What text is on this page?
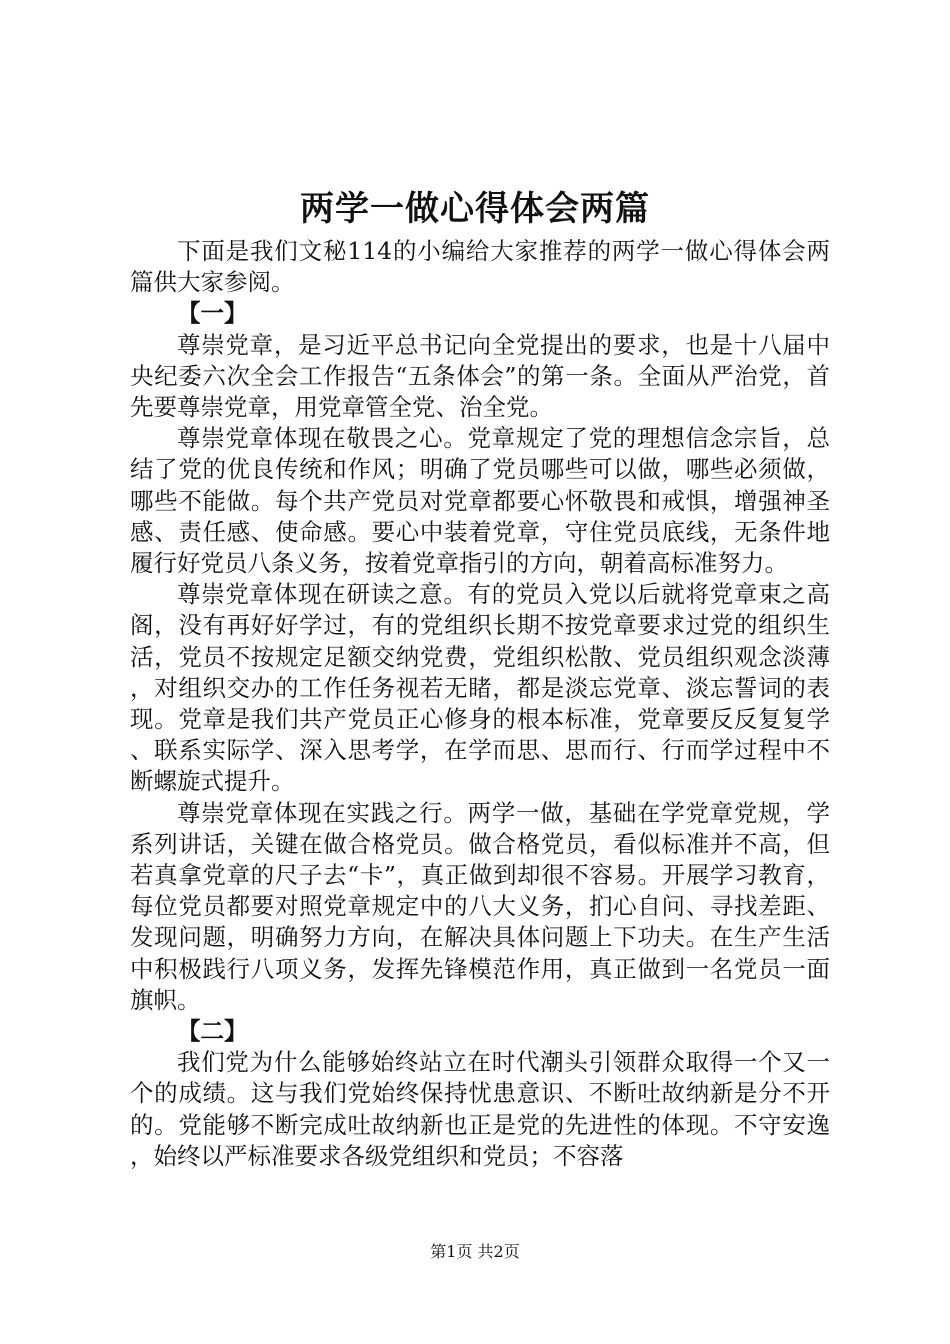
两学一做心得体会两篇

下面是我们文秘114的小编给大家推荐的两学一做心得体会两篇供大家参阅。

【一】

尊崇党章，是习近平总书记向全党提出的要求，也是十八届中央纪委六次全会工作报告“五条体会”的第一条。全面从严治党，首先要尊崇党章，用党章管全党、治全党。

尊崇党章体现在敬畏之心。党章规定了党的理想信念宗旨，总结了党的优良传统和作风；明确了党员哪些可以做，哪些必须做，哪些不能做。每个共产党员对党章都要心怀敬畏和戒惧，增强神圣感、责任感、使命感。要心中装着党章，守住党员底线，无条件地履行好党员八条义务，按着党章指引的方向，朝着高标准努力。

尊崇党章体现在研读之意。有的党员入党以后就将党章束之高阁，没有再好好学过，有的党组织长期不按党章要求过党的组织生活，党员不按规定足额交纳党费，党组织松散、党员组织观念淡薄，对组织交办的工作任务视若无睹，都是淡忘党章、淡忘誓词的表现。党章是我们共产党员正心修身的根本标准，党章要反反复复学、联系实际学、深入思考学，在学而思、思而行、行而学过程中不断螺旋式提升。

尊崇党章体现在实践之行。两学一做，基础在学党章党规，学系列讲话，关键在做合格党员。做合格党员，看似标准并不高，但若真拿党章的尺子去“卡”，真正做到却很不容易。开展学习教育，每位党员都要对照党章规定中的八大义务，扪心自问、寻找差距、发现问题，明确努力方向，在解决具体问题上下功夫。在生产生活中积极践行八项义务，发挥先锋模范作用，真正做到一名党员一面旗帜。

【二】

我们党为什么能够始终站立在时代潮头引领群众取得一个又一个的成绩。这与我们党始终保持忧患意识、不断吐故纳新是分不开的。党能够不断完成吐故纳新也正是党的先进性的体现。不守安逸，始终以严标准要求各级党组织和党员；不容落

第1页 共2页
